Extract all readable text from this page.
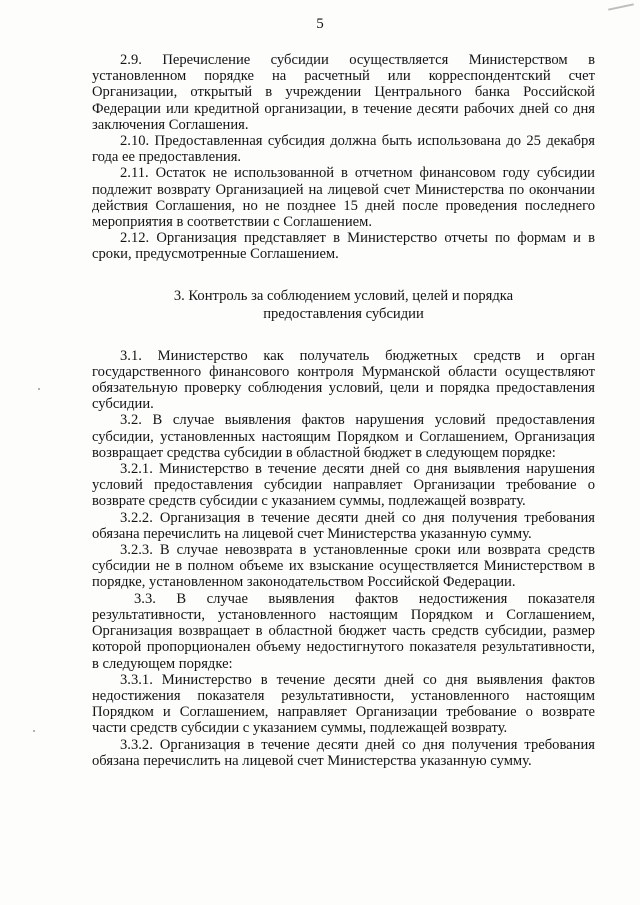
5

2.9. Перечисление субсидии осуществляется Министерством в установленном порядке на расчетный или корреспондентский счет Организации, открытый в учреждении Центрального банка Российской Федерации или кредитной организации, в течение десяти рабочих дней со дня заключения Соглашения.

2.10. Предоставленная субсидия должна быть использована до 25 декабря года ее предоставления.

2.11. Остаток не использованной в отчетном финансовом году субсидии подлежит возврату Организацией на лицевой счет Министерства по окончании действия Соглашения, но не позднее 15 дней после проведения последнего мероприятия в соответствии с Соглашением.

2.12. Организация представляет в Министерство отчеты по формам и в сроки, предусмотренные Соглашением.

3. Контроль за соблюдением условий, целей и порядка
предоставления субсидии

3.1. Министерство как получатель бюджетных средств и орган государственного финансового контроля Мурманской области осуществляют обязательную проверку соблюдения условий, цели и порядка предоставления субсидии.

3.2. В случае выявления фактов нарушения условий предоставления субсидии, установленных настоящим Порядком и Соглашением, Организация возвращает средства субсидии в областной бюджет в следующем порядке:

3.2.1. Министерство в течение десяти дней со дня выявления нарушения условий предоставления субсидии направляет Организации требование о возврате средств субсидии с указанием суммы, подлежащей возврату.

3.2.2. Организация в течение десяти дней со дня получения требования обязана перечислить на лицевой счет Министерства указанную сумму.

3.2.3. В случае невозврата в установленные сроки или возврата средств субсидии не в полном объеме их взыскание осуществляется Министерством в порядке, установленном законодательством Российской Федерации.

3.3. В случае выявления фактов недостижения показателя результативности, установленного настоящим Порядком и Соглашением, Организация возвращает в областной бюджет часть средств субсидии, размер которой пропорционален объему недостигнутого показателя результативности, в следующем порядке:

3.3.1. Министерство в течение десяти дней со дня выявления фактов недостижения показателя результативности, установленного настоящим Порядком и Соглашением, направляет Организации требование о возврате части средств субсидии с указанием суммы, подлежащей возврату.

3.3.2. Организация в течение десяти дней со дня получения требования обязана перечислить на лицевой счет Министерства указанную сумму.
